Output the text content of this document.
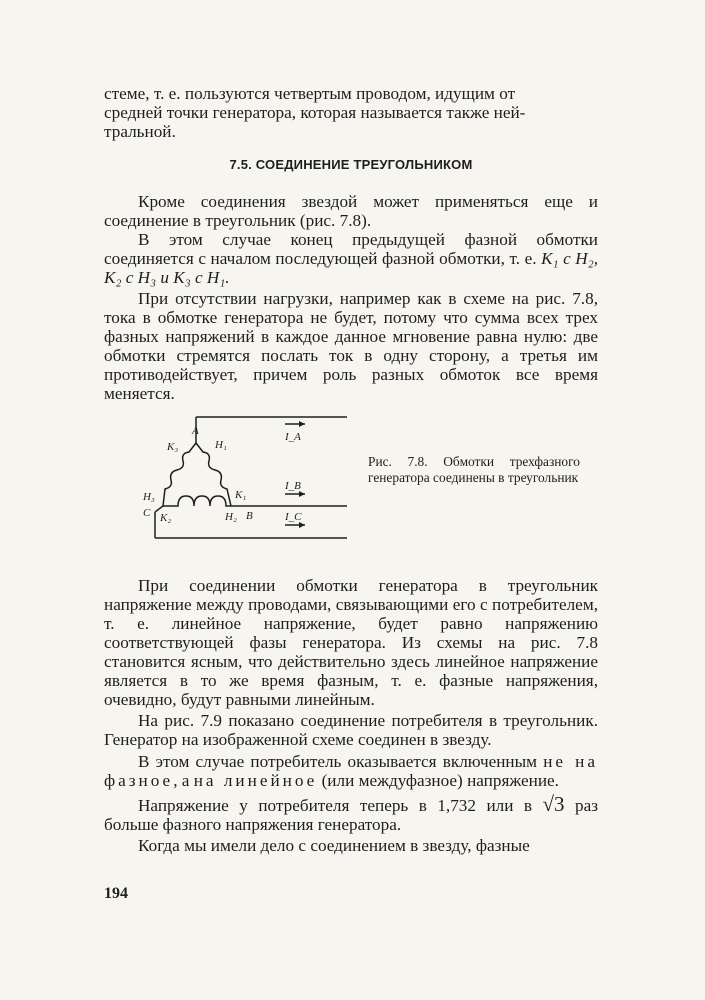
стеме, т. е. пользуются четвертым проводом, идущим от

средней точки генератора, которая называется также ней-

тральной.

7.5. СОЕДИНЕНИЕ ТРЕУГОЛЬНИКОМ

Кроме соединения звездой может применяться еще и соединение в треугольник (рис. 7.8).

В этом случае конец предыдущей фазной обмотки соединяется с началом последующей фазной обмотки, т. е. K₁ с H₂, K₂ с H₃ и K₃ с H₁.

При отсутствии нагрузки, например как в схеме на рис. 7.8, тока в обмотке генератора не будет, потому что сумма всех трех фазных напряжений в каждое данное мгновение равна нулю: две обмотки стремятся послать ток в одну сторону, а третья им противодействует, причем роль разных обмоток все время меняется.

A
K₃	H₁
H₃	K₁
C K₂	H₂ B
I_A
I_B
I_C
Рис. 7.8. Обмотки трехфазного генератора соединены в треугольник

При соединении обмотки генератора в треугольник напряжение между проводами, связывающими его с потребителем, т. е. линейное напряжение, будет равно напряжению соответствующей фазы генератора. Из схемы на рис. 7.8 становится ясным, что действительно здесь линейное напряжение является в то же время фазным, т. е. фазные напряжения, очевидно, будут равными линейным.

На рис. 7.9 показано соединение потребителя в треугольник. Генератор на изображенной схеме соединен в звезду.

В этом случае потребитель оказывается включенным не на фазное, а на линейное (или междуфазное) напряжение.

Напряжение у потребителя теперь в 1,732 или в √3 раз больше фазного напряжения генератора.

Когда мы имели дело с соединением в звезду, фазные

194
